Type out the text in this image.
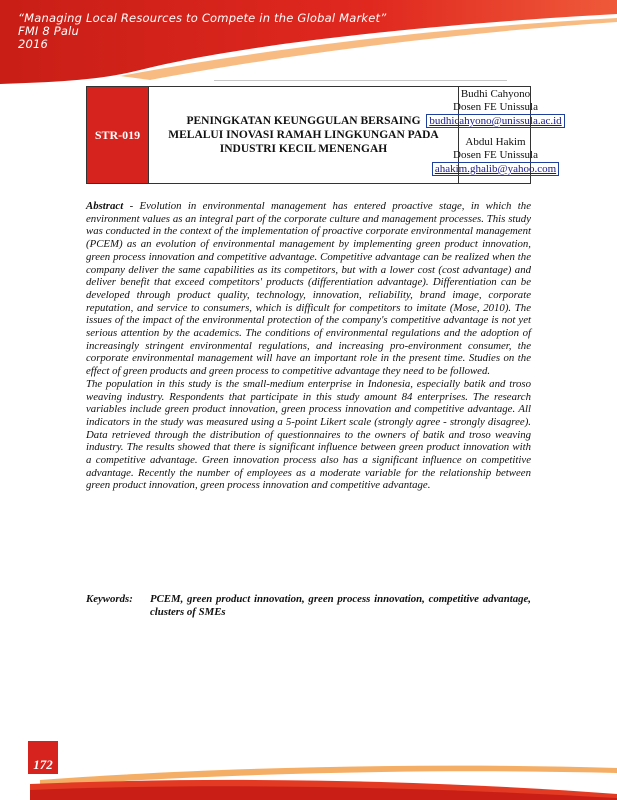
“Managing Local Resources to Compete in the Global Market”
FMI 8 Palu
2016
STR-019
PENINGKATAN KEUNGGULAN BERSAING MELALUI INOVASI RAMAH LINGKUNGAN PADA INDUSTRI KECIL MENENGAH
Budhi Cahyono
Dosen FE Unissula
budhicahyono@unissula.ac.id
Abdul Hakim
Dosen FE Unissula
ahakim.ghalib@yahoo.com

Abstract - Evolution in environmental management has entered proactive stage, in which the environment values as an integral part of the corporate culture and management processes. This study was conducted in the context of the implementation of proactive corporate environmental management (PCEM) as an evolution of environmental management by implementing green product innovation, green process innovation and competitive advantage. Competitive advantage can be realized when the company deliver the same capabilities as its competitors, but with a lower cost (cost advantage) and deliver benefit that exceed competitors' products (differentiation advantage). Differentiation can be developed through product quality, technology, innovation, reliability, brand image, corporate reputation, and service to consumers, which is difficult for competitors to imitate (Mose, 2010). The issues of the impact of the environmental protection of the company's competitive advantage is not yet serious attention by the academics. The conditions of environmental regulations and the adoption of increasingly stringent environmental regulations, and increasing pro-environment consumer, the corporate environmental management will have an important role in the present time. Studies on the effect of green products and green process to competitive advantage they need to be followed.

The population in this study is the small-medium enterprise in Indonesia, especially batik and troso weaving industry. Respondents that participate in this study amount 84 enterprises. The research variables include green product innovation, green process innovation and competitive advantage. All indicators in the study was measured using a 5-point Likert scale (strongly agree - strongly disagree). Data retrieved through the distribution of questionnaires to the owners of batik and troso weaving industry. The results showed that there is significant influence between green product innovation with a competitive advantage. Green innovation process also has a significant influence on competitive advantage. Recently the number of employees as a moderate variable for the relationship between green product innovation, green process innovation and competitive advantage.

Keywords: PCEM, green product innovation, green process innovation, competitive advantage, clusters of SMEs
172
